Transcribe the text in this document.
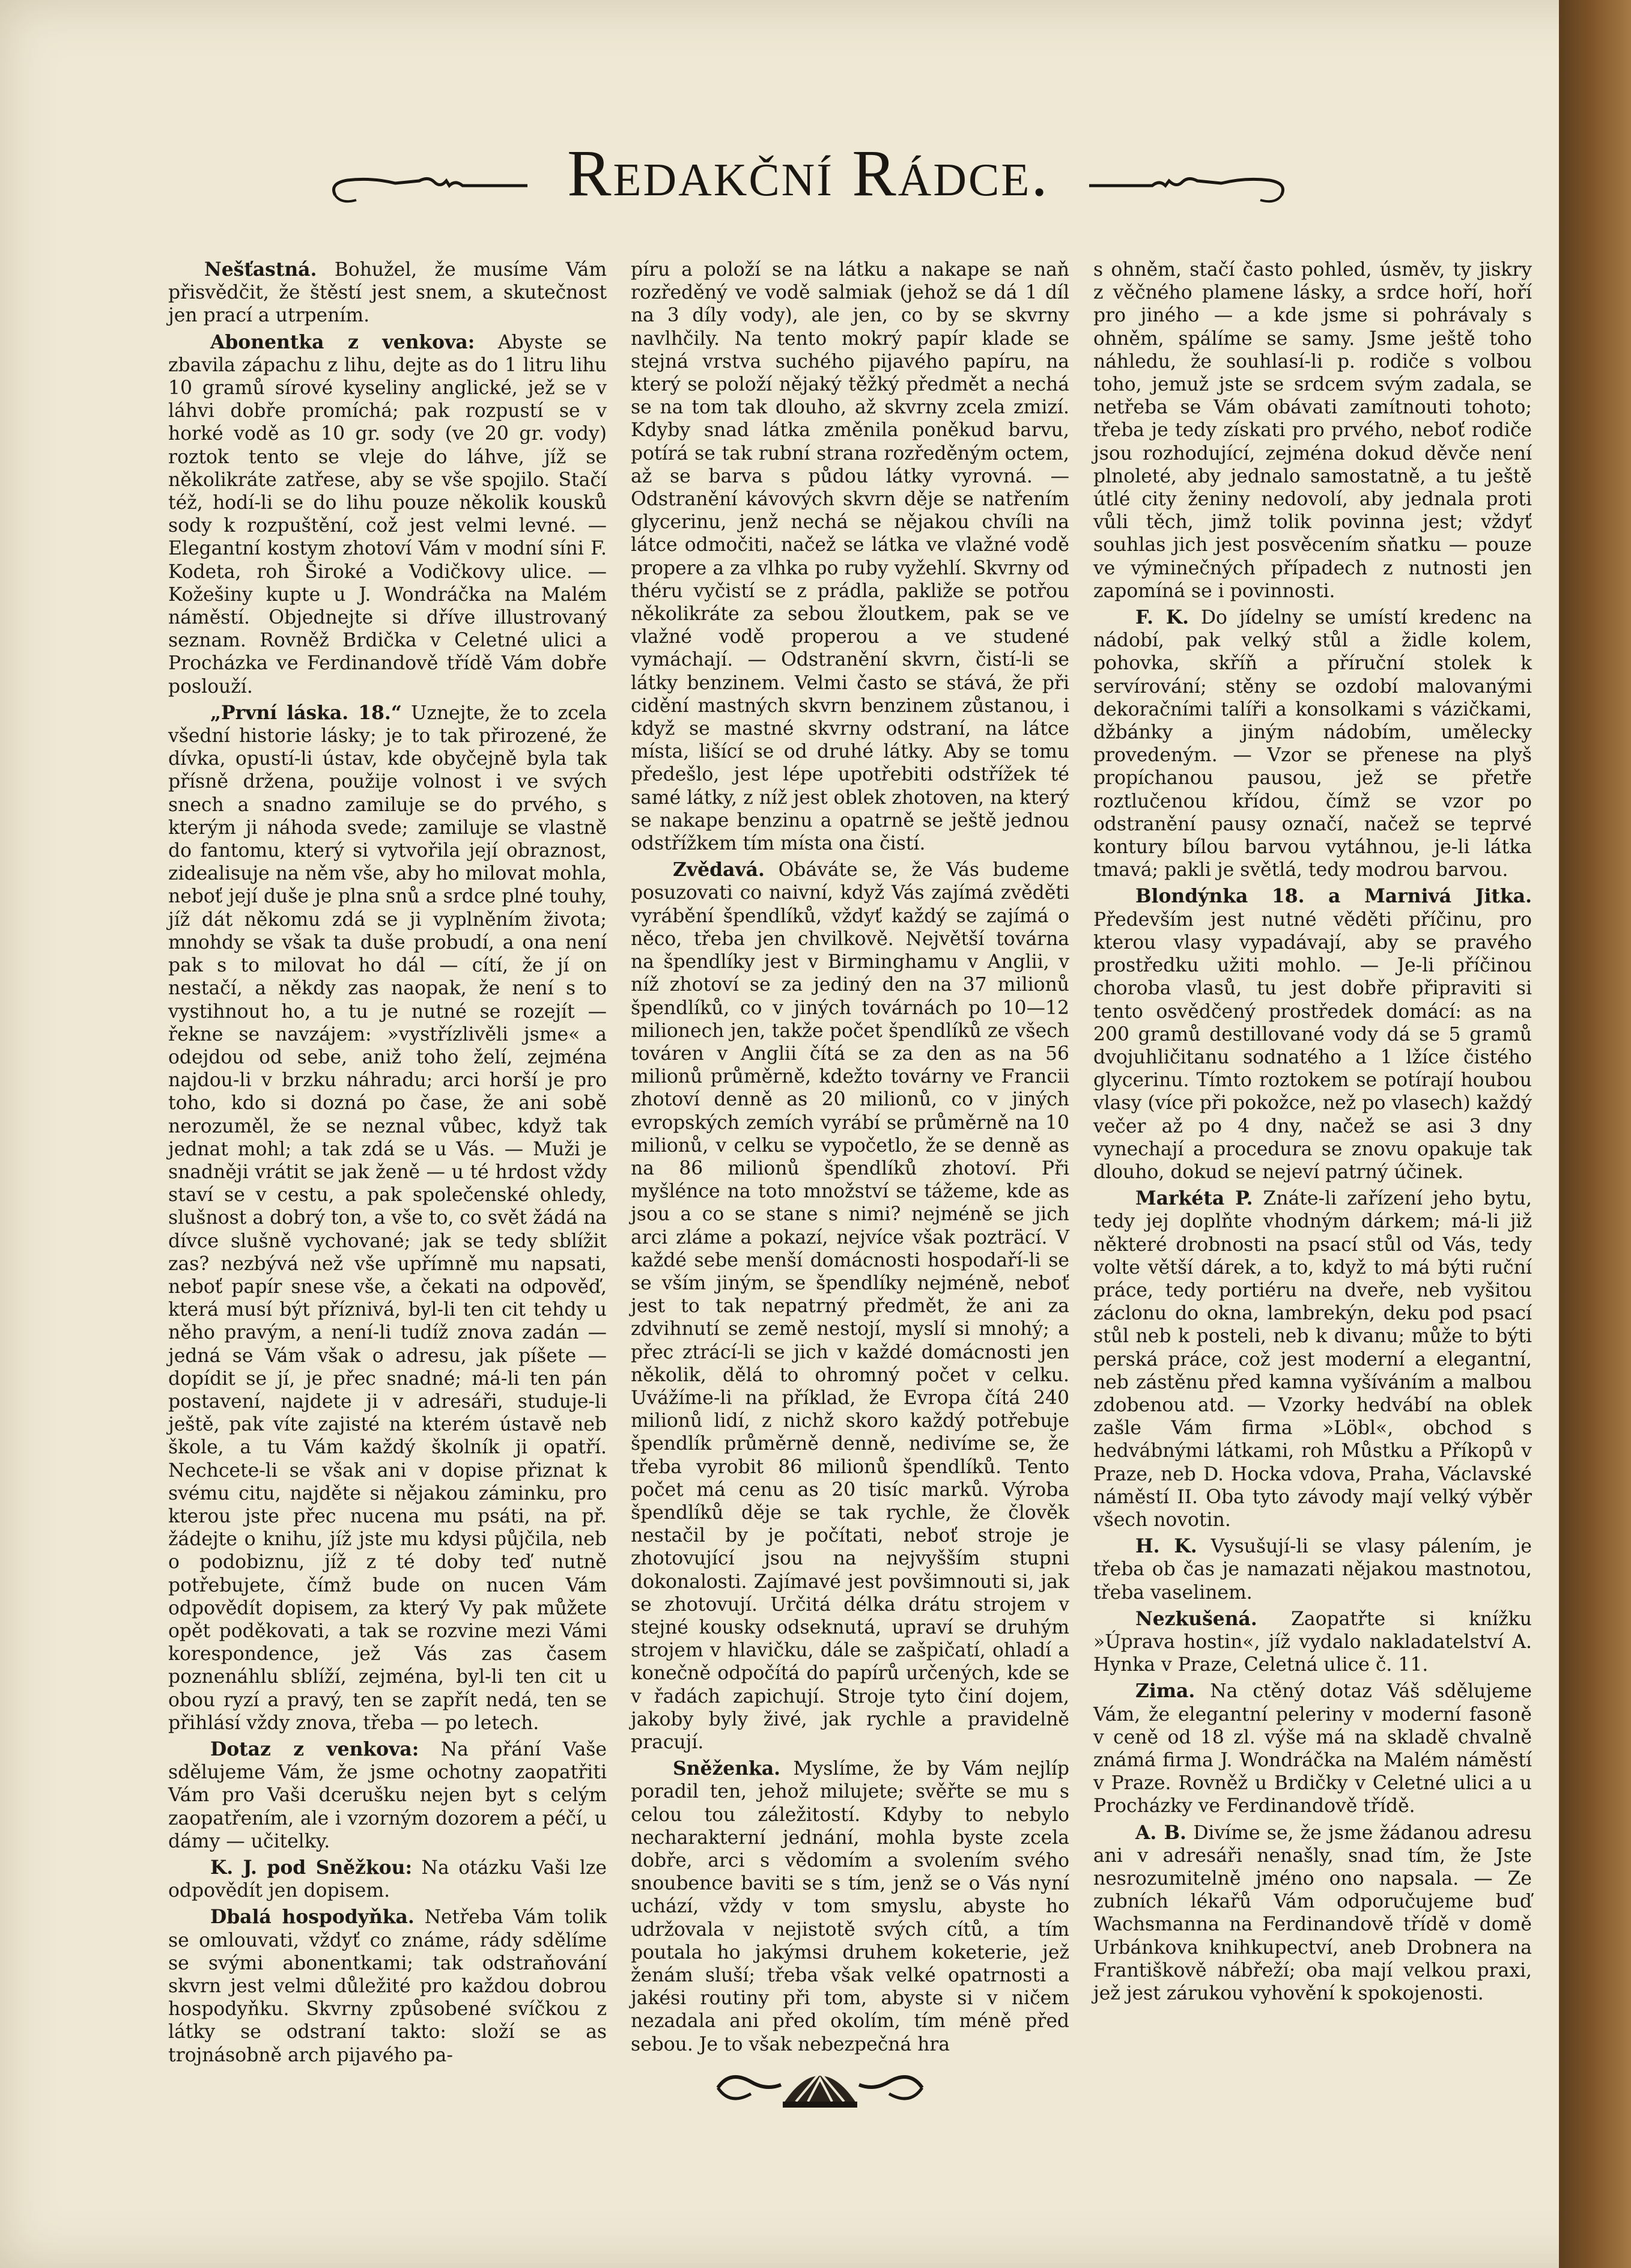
Redakční Rádce.

Nešťastná. Bohužel, že musíme Vám přisvědčit, že štěstí jest snem, a skutečnost jen prací a utrpením.

Abonentka z venkova: Abyste se zbavila zápachu z lihu, dejte as do 1 litru lihu 10 gramů sírové kyseliny anglické, jež se v láhvi dobře promíchá; pak rozpustí se v horké vodě as 10 gr. sody (ve 20 gr. vody) roztok tento se vleje do láhve, jíž se několikráte zatřese, aby se vše spojilo. Stačí též, hodí-li se do lihu pouze několik kousků sody k rozpuštění, což jest velmi levné. — Elegantní kostym zhotoví Vám v modní síni F. Kodeta, roh Široké a Vodičkovy ulice. — Kožešiny kupte u J. Wondráčka na Malém náměstí. Objednejte si dříve illustrovaný seznam. Rovněž Brdička v Celetné ulici a Procházka ve Ferdinandově třídě Vám dobře poslouží.

„První láska. 18.“ Uznejte, že to zcela všední historie lásky; je to tak přirozené, že dívka, opustí-li ústav, kde obyčejně byla tak přísně držena, použije volnost i ve svých snech a snadno zamiluje se do prvého, s kterým ji náhoda svede; zamiluje se vlastně do fantomu, který si vytvořila její obraznost, zidealisuje na něm vše, aby ho milovat mohla, neboť její duše je plna snů a srdce plné touhy, jíž dát někomu zdá se ji vyplněním života; mnohdy se však ta duše probudí, a ona není pak s to milovat ho dál — cítí, že jí on nestačí, a někdy zas naopak, že není s to vystihnout ho, a tu je nutné se rozejít — řekne se navzájem: »vystřízlivěli jsme« a odejdou od sebe, aniž toho želí, zejména najdou-li v brzku náhradu; arci horší je pro toho, kdo si dozná po čase, že ani sobě nerozuměl, že se neznal vůbec, když tak jednat mohl; a tak zdá se u Vás. — Muži je snadněji vrátit se jak ženě — u té hrdost vždy staví se v cestu, a pak společenské ohledy, slušnost a dobrý ton, a vše to, co svět žádá na dívce slušně vychované; jak se tedy sblížit zas? nezbývá než vše upřímně mu napsati, neboť papír snese vše, a čekati na odpověď, která musí být příznivá, byl-li ten cit tehdy u něho pravým, a není-li tudíž znova zadán — jedná se Vám však o adresu, jak píšete — dopídit se jí, je přec snadné; má-li ten pán postavení, najdete ji v adresáři, studuje-li ještě, pak víte zajisté na kterém ústavě neb škole, a tu Vám každý školník ji opatří. Nechcete-li se však ani v dopise přiznat k svému citu, najděte si nějakou záminku, pro kterou jste přec nucena mu psáti, na př. žádejte o knihu, jíž jste mu kdysi půjčila, neb o podobiznu, jíž z té doby teď nutně potřebujete, čímž bude on nucen Vám odpovědít dopisem, za který Vy pak můžete opět poděkovati, a tak se rozvine mezi Vámi korespondence, jež Vás zas časem poznenáhlu sblíží, zejména, byl-li ten cit u obou ryzí a pravý, ten se zapřít nedá, ten se přihlásí vždy znova, třeba — po letech.

Dotaz z venkova: Na přání Vaše sdělujeme Vám, že jsme ochotny zaopatřiti Vám pro Vaši dcerušku nejen byt s celým zaopatřením, ale i vzorným dozorem a péčí, u dámy — učitelky.

K. J. pod Sněžkou: Na otázku Vaši lze odpovědít jen dopisem.

Dbalá hospodyňka. Netřeba Vám tolik se omlouvati, vždyť co známe, rády sdělíme se svými abonentkami; tak odstraňování skvrn jest velmi důležité pro každou dobrou hospodyňku. Skvrny způsobené svíčkou z látky se odstraní takto: složí se as trojnásobně arch pijavého pa-

píru a položí se na látku a nakape se naň rozředěný ve vodě salmiak (jehož se dá 1 díl na 3 díly vody), ale jen, co by se skvrny navlhčily. Na tento mokrý papír klade se stejná vrstva suchého pijavého papíru, na který se položí nějaký těžký předmět a nechá se na tom tak dlouho, až skvrny zcela zmizí. Kdyby snad látka změnila poněkud barvu, potírá se tak rubní strana rozředěným octem, až se barva s půdou látky vyrovná. — Odstranění kávových skvrn děje se natřením glycerinu, jenž nechá se nějakou chvíli na látce odmočiti, načež se látka ve vlažné vodě propere a za vlhka po ruby vyžehlí. Skvrny od théru vyčistí se z prádla, pakliže se potřou několikráte za sebou žloutkem, pak se ve vlažné vodě properou a ve studené vymáchají. — Odstranění skvrn, čistí-li se látky benzinem. Velmi často se stává, že při cidění mastných skvrn benzinem zůstanou, i když se mastné skvrny odstraní, na látce místa, lišící se od druhé látky. Aby se tomu předešlo, jest lépe upotřebiti odstřížek té samé látky, z níž jest oblek zhotoven, na který se nakape benzinu a opatrně se ještě jednou odstřížkem tím místa ona čistí.

Zvědavá. Obáváte se, že Vás budeme posuzovati co naivní, když Vás zajímá zvěděti vyrábění špendlíků, vždyť každý se zajímá o něco, třeba jen chvilkově. Největší továrna na špendlíky jest v Birminghamu v Anglii, v níž zhotoví se za jediný den na 37 milionů špendlíků, co v jiných továrnách po 10—12 milionech jen, takže počet špendlíků ze všech továren v Anglii čítá se za den as na 56 milionů průměrně, kdežto továrny ve Francii zhotoví denně as 20 milionů, co v jiných evropských zemích vyrábí se průměrně na 10 milionů, v celku se vypočetlo, že se denně as na 86 milionů špendlíků zhotoví. Při myšlénce na toto množství se tážeme, kde as jsou a co se stane s nimi? nejméně se jich arci zláme a pokazí, nejvíce však pozträcí. V každé sebe menší domácnosti hospodaří-li se se vším jiným, se špendlíky nejméně, neboť jest to tak nepatrný předmět, že ani za zdvihnutí se země nestojí, myslí si mnohý; a přec ztrácí-li se jich v každé domácnosti jen několik, dělá to ohromný počet v celku. Uvážíme-li na příklad, že Evropa čítá 240 milionů lidí, z nichž skoro každý potřebuje špendlík průměrně denně, nedivíme se, že třeba vyrobit 86 milionů špendlíků. Tento počet má cenu as 20 tisíc marků. Výroba špendlíků děje se tak rychle, že člověk nestačil by je počítati, neboť stroje je zhotovující jsou na nejvyšším stupni dokonalosti. Zajímavé jest povšimnouti si, jak se zhotovují. Určitá délka drátu strojem v stejné kousky odseknutá, upraví se druhým strojem v hlavičku, dále se zašpičatí, ohladí a konečně odpočítá do papírů určených, kde se v řadách zapichují. Stroje tyto činí dojem, jakoby byly živé, jak rychle a pravidelně pracují.

Sněženka. Myslíme, že by Vám nejlíp poradil ten, jehož milujete; svěřte se mu s celou tou záležitostí. Kdyby to nebylo necharakterní jednání, mohla byste zcela dobře, arci s vědomím a svolením svého snoubence baviti se s tím, jenž se o Vás nyní uchází, vždy v tom smyslu, abyste ho udržovala v nejistotě svých cítů, a tím poutala ho jakýmsi druhem koketerie, jež ženám sluší; třeba však velké opatrnosti a jakési routiny při tom, abyste si v ničem nezadala ani před okolím, tím méně před sebou. Je to však nebezpečná hra

s ohněm, stačí často pohled, úsměv, ty jiskry z věčného plamene lásky, a srdce hoří, hoří pro jiného — a kde jsme si pohrávaly s ohněm, spálíme se samy. Jsme ještě toho náhledu, že souhlasí-li p. rodiče s volbou toho, jemuž jste se srdcem svým zadala, se netřeba se Vám obávati zamítnouti tohoto; třeba je tedy získati pro prvého, neboť rodiče jsou rozhodující, zejména dokud děvče není plnoleté, aby jednalo samostatně, a tu ještě útlé city ženiny nedovolí, aby jednala proti vůli těch, jimž tolik povinna jest; vždyť souhlas jich jest posvěcením sňatku — pouze ve výminečných případech z nutnosti jen zapomíná se i povinnosti.

F. K. Do jídelny se umístí kredenc na nádobí, pak velký stůl a židle kolem, pohovka, skříň a příruční stolek k servírování; stěny se ozdobí malovanými dekoračními talíři a konsolkami s vázičkami, džbánky a jiným nádobím, umělecky provedeným. — Vzor se přenese na plyš propíchanou pausou, jež se přetře roztlučenou křídou, čímž se vzor po odstranění pausy označí, načež se teprvé kontury bílou barvou vytáhnou, je-li látka tmavá; pakli je světlá, tedy modrou barvou.

Blondýnka 18. a Marnivá Jitka. Především jest nutné věděti příčinu, pro kterou vlasy vypadávají, aby se pravého prostředku užiti mohlo. — Je-li příčinou choroba vlasů, tu jest dobře připraviti si tento osvědčený prostředek domácí: as na 200 gramů destillované vody dá se 5 gramů dvojuhličitanu sodnatého a 1 lžíce čistého glycerinu. Tímto roztokem se potírají houbou vlasy (více při pokožce, než po vlasech) každý večer až po 4 dny, načež se asi 3 dny vynechají a procedura se znovu opakuje tak dlouho, dokud se nejeví patrný účinek.

Markéta P. Znáte-li zařízení jeho bytu, tedy jej doplňte vhodným dárkem; má-li již některé drobnosti na psací stůl od Vás, tedy volte větší dárek, a to, když to má býti ruční práce, tedy portiéru na dveře, neb vyšitou záclonu do okna, lambrekýn, deku pod psací stůl neb k posteli, neb k divanu; může to býti perská práce, což jest moderní a elegantní, neb zástěnu před kamna vyšíváním a malbou zdobenou atd. — Vzorky hedvábí na oblek zašle Vám firma »Löbl«, obchod s hedvábnými látkami, roh Můstku a Příkopů v Praze, neb D. Hocka vdova, Praha, Václavské náměstí II. Oba tyto závody mají velký výběr všech novotin.

H. K. Vysušují-li se vlasy pálením, je třeba ob čas je namazati nějakou mastnotou, třeba vaselinem.

Nezkušená. Zaopatřte si knížku »Úprava hostin«, jíž vydalo nakladatelství A. Hynka v Praze, Celetná ulice č. 11.

Zima. Na ctěný dotaz Váš sdělujeme Vám, že elegantní peleriny v moderní fasoně v ceně od 18 zl. výše má na skladě chvalně známá firma J. Wondráčka na Malém náměstí v Praze. Rovněž u Brdičky v Celetné ulici a u Procházky ve Ferdinandově třídě.

A. B. Divíme se, že jsme žádanou adresu ani v adresáři nenašly, snad tím, že Jste nesrozumitelně jméno ono napsala. — Ze zubních lékařů Vám odporučujeme buď Wachsmanna na Ferdinandově třídě v domě Urbánkova knihkupectví, aneb Drobnera na Františkově nábřeží; oba mají velkou praxi, jež jest zárukou vyhovění k spokojenosti.
